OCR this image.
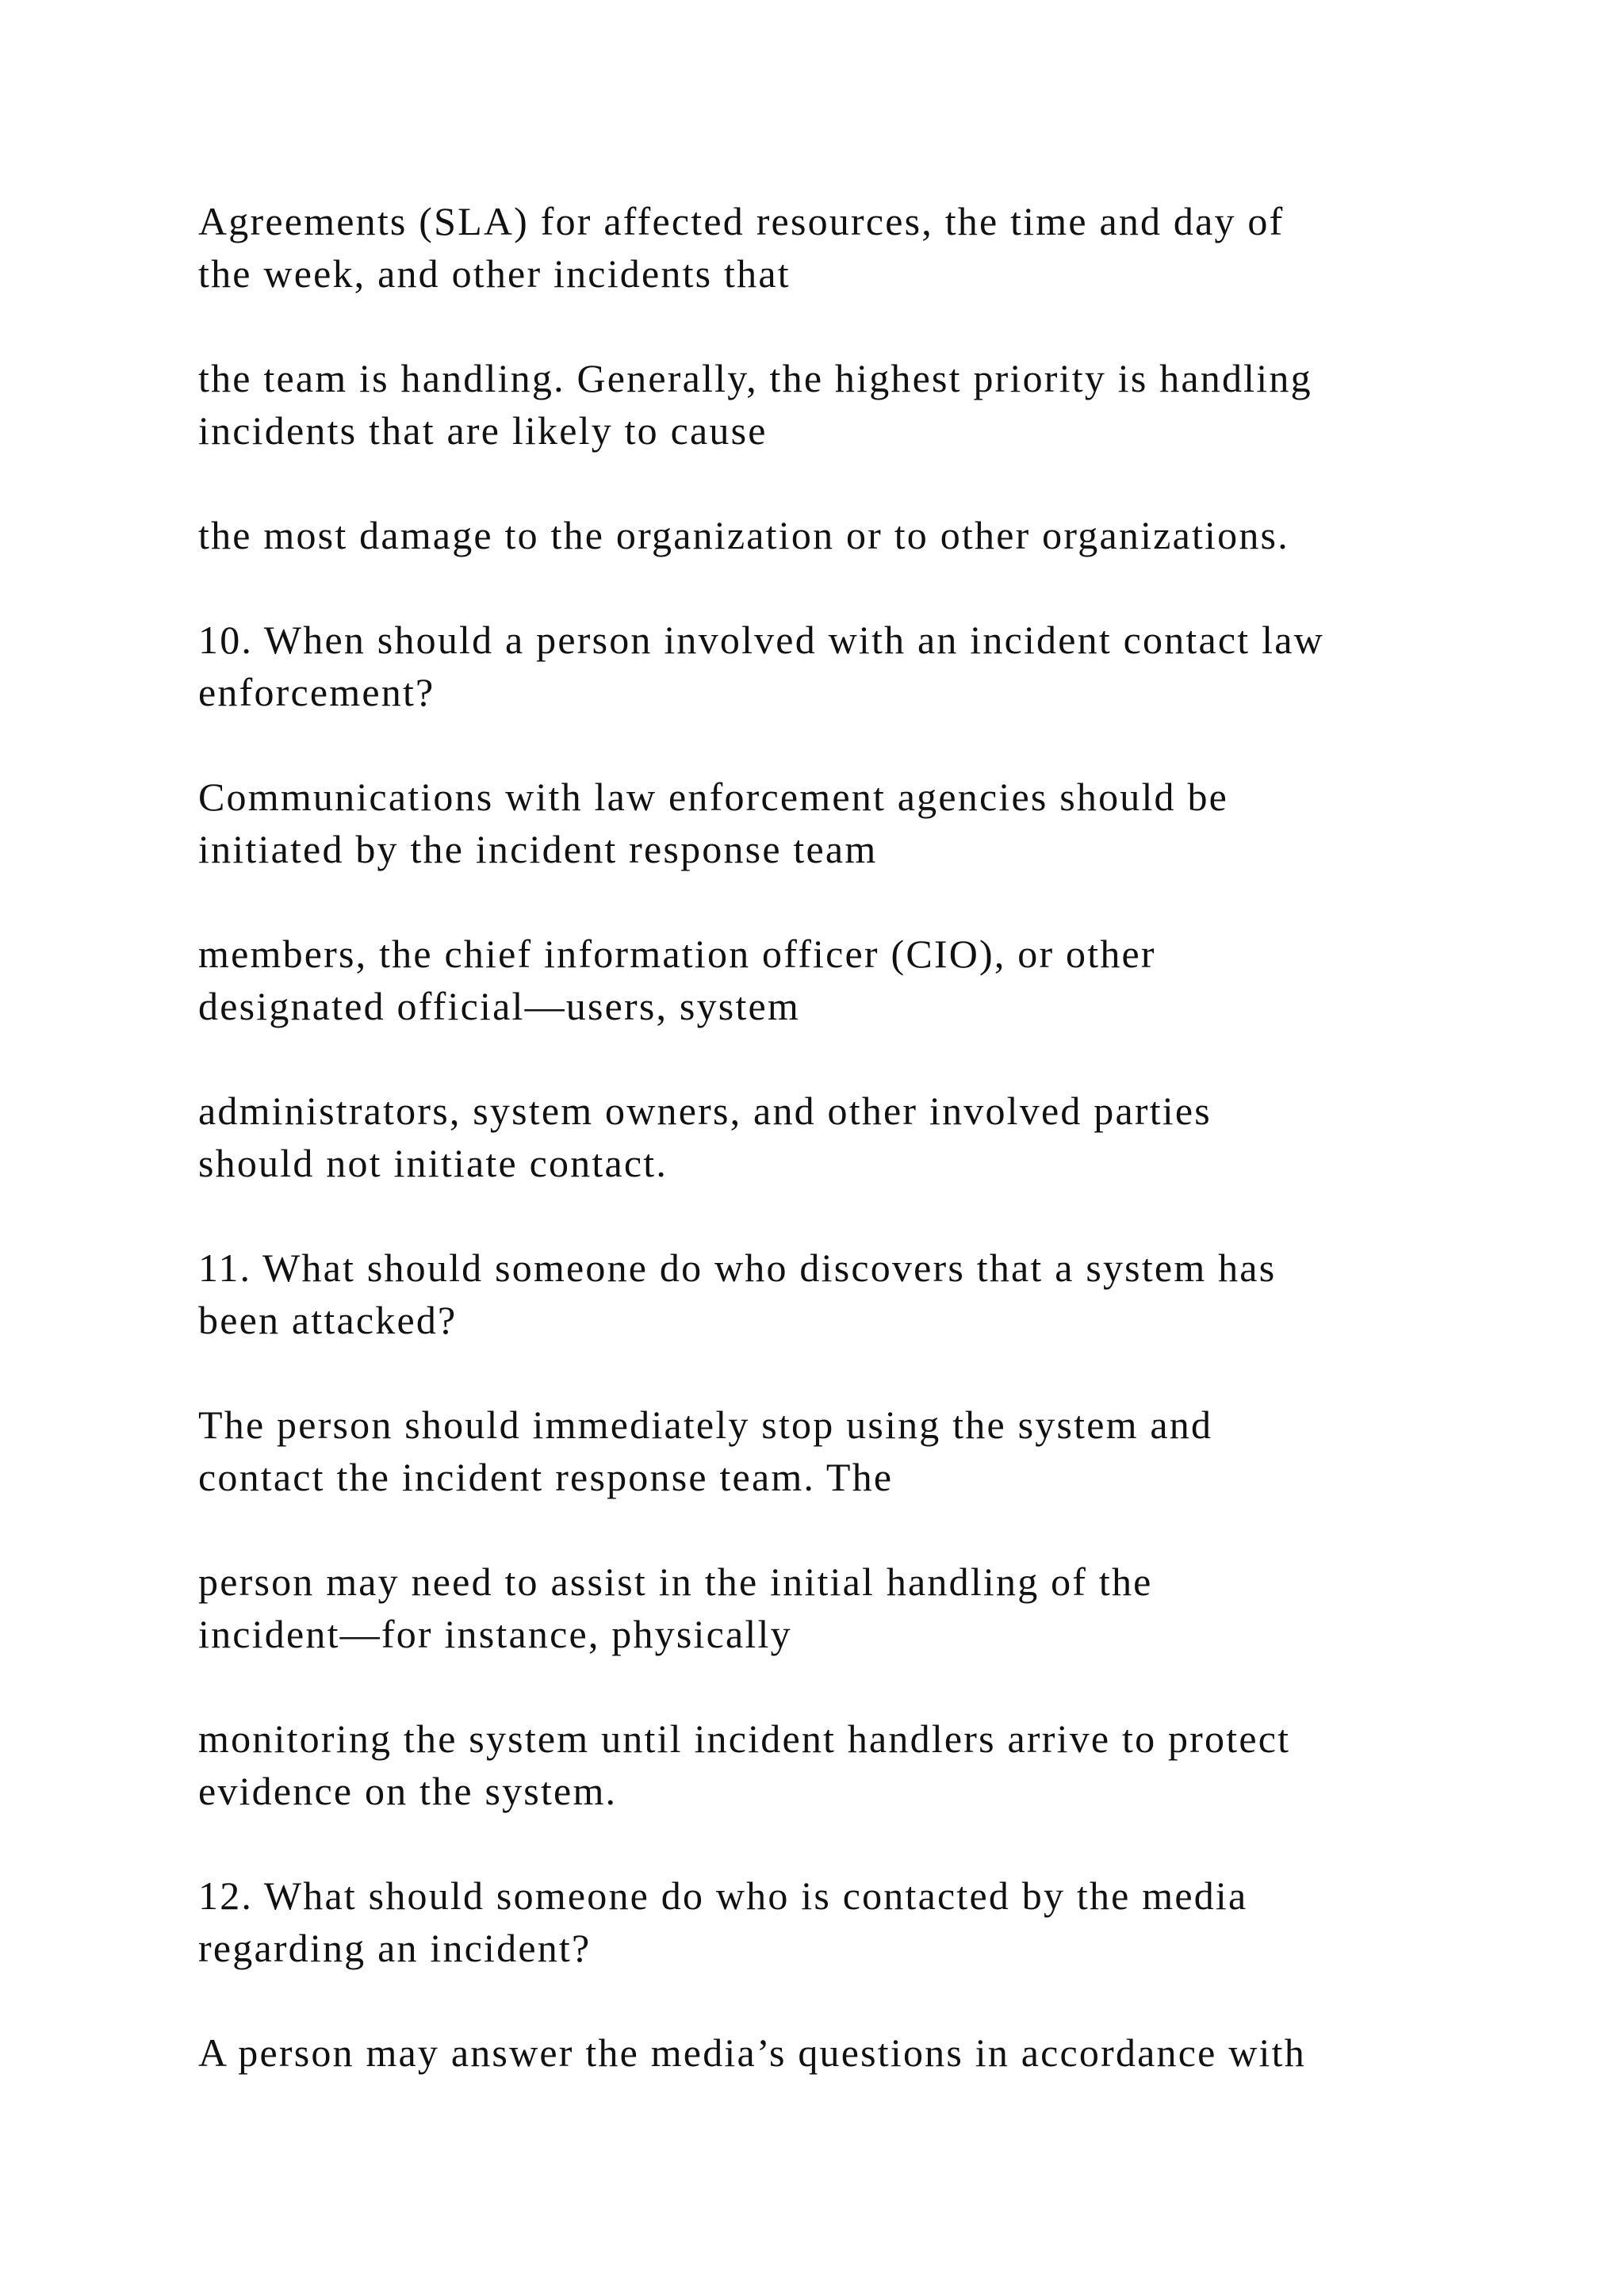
Agreements (SLA) for affected resources, the time and day of
the week, and other incidents that

the team is handling. Generally, the highest priority is handling
incidents that are likely to cause

the most damage to the organization or to other organizations.

10. When should a person involved with an incident contact law
enforcement?

Communications with law enforcement agencies should be
initiated by the incident response team

members, the chief information officer (CIO), or other
designated official—users, system

administrators, system owners, and other involved parties
should not initiate contact.

11. What should someone do who discovers that a system has
been attacked?

The person should immediately stop using the system and
contact the incident response team. The

person may need to assist in the initial handling of the
incident—for instance, physically

monitoring the system until incident handlers arrive to protect
evidence on the system.

12. What should someone do who is contacted by the media
regarding an incident?

A person may answer the media’s questions in accordance with
